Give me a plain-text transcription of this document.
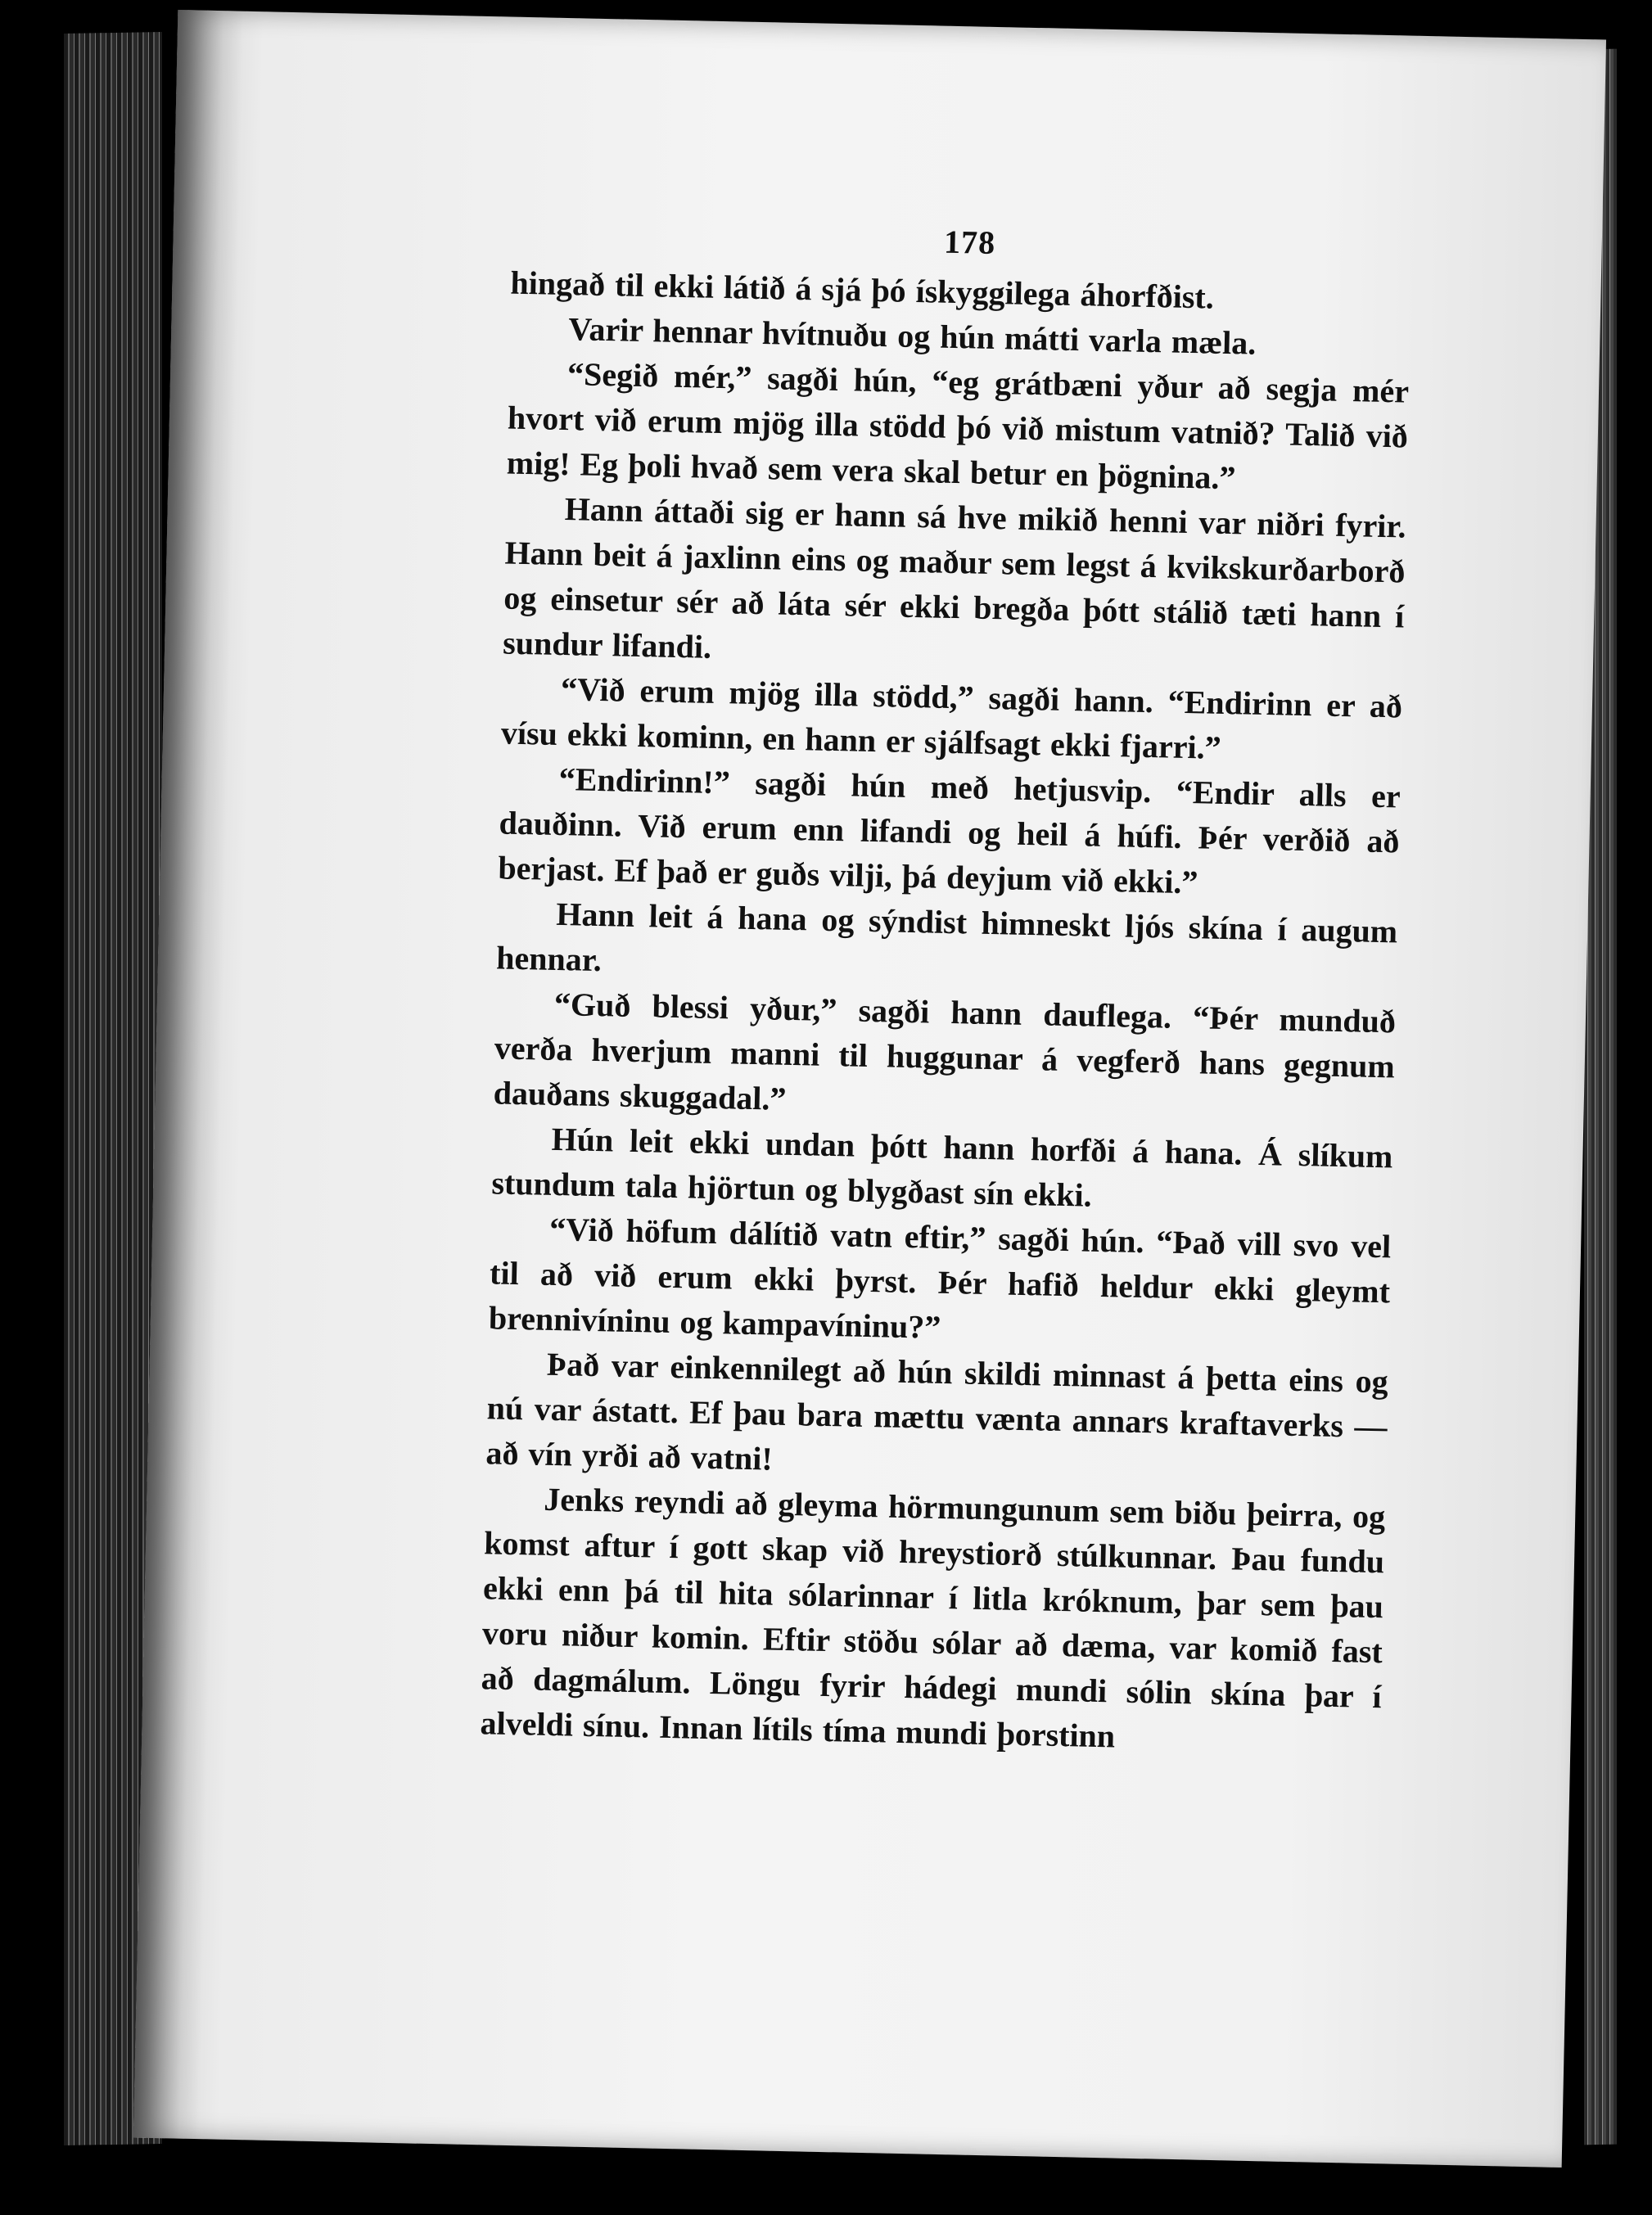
178

hingað til ekki látið á sjá þó ískyggilega áhorfðist.

Varir hennar hvítnuðu og hún mátti varla mæla.

“Segið mér,” sagði hún, “eg grátbæni yður að segja mér hvort við erum mjög illa stödd þó við mistum vatnið? Talið við mig! Eg þoli hvað sem vera skal betur en þögnina.”

Hann áttaði sig er hann sá hve mikið henni var niðri fyrir. Hann beit á jaxlinn eins og maður sem legst á kvikskurðarborð og einsetur sér að láta sér ekki bregða þótt stálið tæti hann í sundur lifandi.

“Við erum mjög illa stödd,” sagði hann. “Endirinn er að vísu ekki kominn, en hann er sjálfsagt ekki fjarri.”

“Endirinn!” sagði hún með hetjusvip. “Endir alls er dauðinn. Við erum enn lifandi og heil á húfi. Þér verðið að berjast. Ef það er guðs vilji, þá deyjum við ekki.”

Hann leit á hana og sýndist himneskt ljós skína í augum hennar.

“Guð blessi yður,” sagði hann dauflega. “Þér munduð verða hverjum manni til huggunar á vegferð hans gegnum dauðans skuggadal.”

Hún leit ekki undan þótt hann horfði á hana. Á slíkum stundum tala hjörtun og blygðast sín ekki.

“Við höfum dálítið vatn eftir,” sagði hún. “Það vill svo vel til að við erum ekki þyrst. Þér hafið heldur ekki gleymt brennivíninu og kampavíninu?”

Það var einkennilegt að hún skildi minnast á þetta eins og nú var ástatt. Ef þau bara mættu vænta annars kraftaverks — að vín yrði að vatni!

Jenks reyndi að gleyma hörmungunum sem biðu þeirra, og komst aftur í gott skap við hreystiorð stúlkunnar. Þau fundu ekki enn þá til hita sólarinnar í litla króknum, þar sem þau voru niður komin. Eftir stöðu sólar að dæma, var komið fast að dagmálum. Löngu fyrir hádegi mundi sólin skína þar í alveldi sínu. Innan lítils tíma mundi þorstinn
